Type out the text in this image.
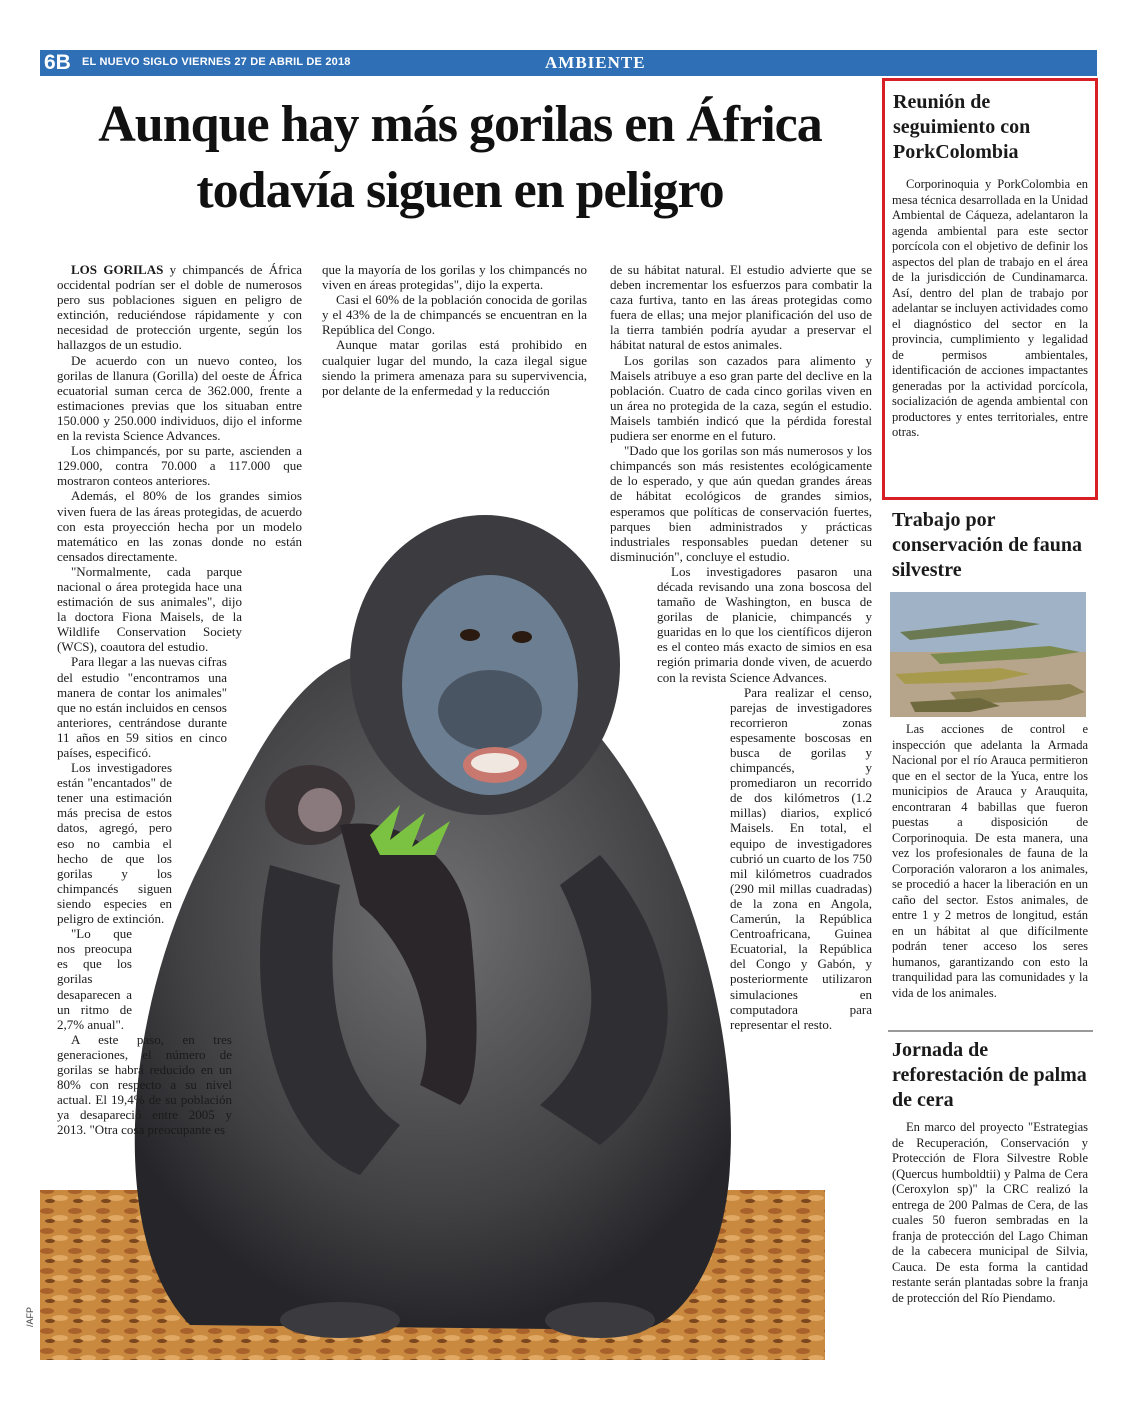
6B EL NUEVO SIGLO VIERNES 27 DE ABRIL DE 2018	AMBIENTE
Aunque hay más gorilas en África
todavía siguen en peligro
/AFP

LOS GORILAS y chimpancés de África occidental podrían ser el doble de numerosos pero sus poblaciones siguen en peligro de extinción, reduciéndose rápidamente y con necesidad de protección urgente, según los hallazgos de un estudio.

De acuerdo con un nuevo conteo, los gorilas de llanura (Gorilla) del oeste de África ecuatorial suman cerca de 362.000, frente a estimaciones previas que los situaban entre 150.000 y 250.000 individuos, dijo el informe en la revista Science Advances.

Los chimpancés, por su parte, ascienden a 129.000, contra 70.000 a 117.000 que mostraron conteos anteriores.

Además, el 80% de los grandes simios viven fuera de las áreas protegidas, de acuerdo con esta proyección hecha por un modelo matemático en las zonas donde no están censados directamente.

"Normalmente, cada parque nacional o área protegida hace una estimación de sus animales", dijo la doctora Fiona Maisels, de la Wildlife Conservation Society (WCS), coautora del estudio.

Para llegar a las nuevas cifras del estudio "encontramos una manera de contar los animales" que no están incluidos en censos anteriores, centrándose durante 11 años en 59 sitios en cinco países, especificó.

Los investigadores están "encantados" de tener una estimación más precisa de estos datos, agregó, pero eso no cambia el hecho de que los gorilas y los chimpancés siguen siendo especies en peligro de extinción.

"Lo que nos preocupa es que los gorilas desaparecen a un ritmo de 2,7% anual".

A este paso, en tres generaciones, el número de gorilas se habrá reducido en un 80% con respecto a su nivel actual. El 19,4% de su población ya desapareció entre 2005 y 2013. "Otra cosa preocupante es

que la mayoría de los gorilas y los chimpancés no viven en áreas protegidas", dijo la experta.

Casi el 60% de la población conocida de gorilas y el 43% de la de chimpancés se encuentran en la República del Congo.

Aunque matar gorilas está prohibido en cualquier lugar del mundo, la caza ilegal sigue siendo la primera amenaza para su supervivencia, por delante de la enfermedad y la reducción

de su hábitat natural. El estudio advierte que se deben incrementar los esfuerzos para combatir la caza furtiva, tanto en las áreas protegidas como fuera de ellas; una mejor planificación del uso de la tierra también podría ayudar a preservar el hábitat natural de estos animales.

Los gorilas son cazados para alimento y Maisels atribuye a eso gran parte del declive en la población. Cuatro de cada cinco gorilas viven en un área no protegida de la caza, según el estudio. Maisels también indicó que la pérdida forestal pudiera ser enorme en el futuro.

"Dado que los gorilas son más numerosos y los chimpancés son más resistentes ecológicamente de lo esperado, y que aún quedan grandes áreas de hábitat ecológicos de grandes simios, esperamos que políticas de conservación fuertes, parques bien administrados y prácticas industriales responsables puedan detener su disminución", concluye el estudio.

Los investigadores pasaron una década revisando una zona boscosa del tamaño de Washington, en busca de gorilas de planicie, chimpancés y guaridas en lo que los científicos dijeron es el conteo más exacto de simios en esa región primaria donde viven, de acuerdo con la revista Science Advances.

Para realizar el censo, parejas de investigadores recorrieron zonas espesamente boscosas en busca de gorilas y chimpancés, y promediaron un recorrido de dos kilómetros (1.2 millas) diarios, explicó Maisels. En total, el equipo de investigadores cubrió un cuarto de los 750 mil kilómetros cuadrados (290 mil millas cuadradas) de la zona en Angola, Camerún, la República Centroafricana, Guinea Ecuatorial, la República del Congo y Gabón, y posteriormente utilizaron simulaciones en computadora para representar el resto.

Reunión de seguimiento con PorkColombia

Corporinoquia y PorkColombia en mesa técnica desarrollada en la Unidad Ambiental de Cáqueza, adelantaron la agenda ambiental para este sector porcícola con el objetivo de definir los aspectos del plan de trabajo en el área de la jurisdicción de Cundinamarca. Así, dentro del plan de trabajo por adelantar se incluyen actividades como el diagnóstico del sector en la provincia, cumplimiento y legalidad de permisos ambientales, identificación de acciones impactantes generadas por la actividad porcícola, socialización de agenda ambiental con productores y entes territoriales, entre otras.

Trabajo por conservación de fauna silvestre

Las acciones de control e inspección que adelanta la Armada Nacional por el río Arauca permitieron que en el sector de la Yuca, entre los municipios de Arauca y Arauquita, encontraran 4 babillas que fueron puestas a disposición de Corporinoquia. De esta manera, una vez los profesionales de fauna de la Corporación valoraron a los animales, se procedió a hacer la liberación en un caño del sector. Estos animales, de entre 1 y 2 metros de longitud, están en un hábitat al que difícilmente podrán tener acceso los seres humanos, garantizando con esto la tranquilidad para las comunidades y la vida de los animales.

Jornada de reforestación de palma de cera

En marco del proyecto "Estrategias de Recuperación, Conservación y Protección de Flora Silvestre Roble (Quercus humboldtii) y Palma de Cera (Ceroxylon sp)" la CRC realizó la entrega de 200 Palmas de Cera, de las cuales 50 fueron sembradas en la franja de protección del Lago Chiman de la cabecera municipal de Silvia, Cauca. De esta forma la cantidad restante serán plantadas sobre la franja de protección del Río Piendamo.
